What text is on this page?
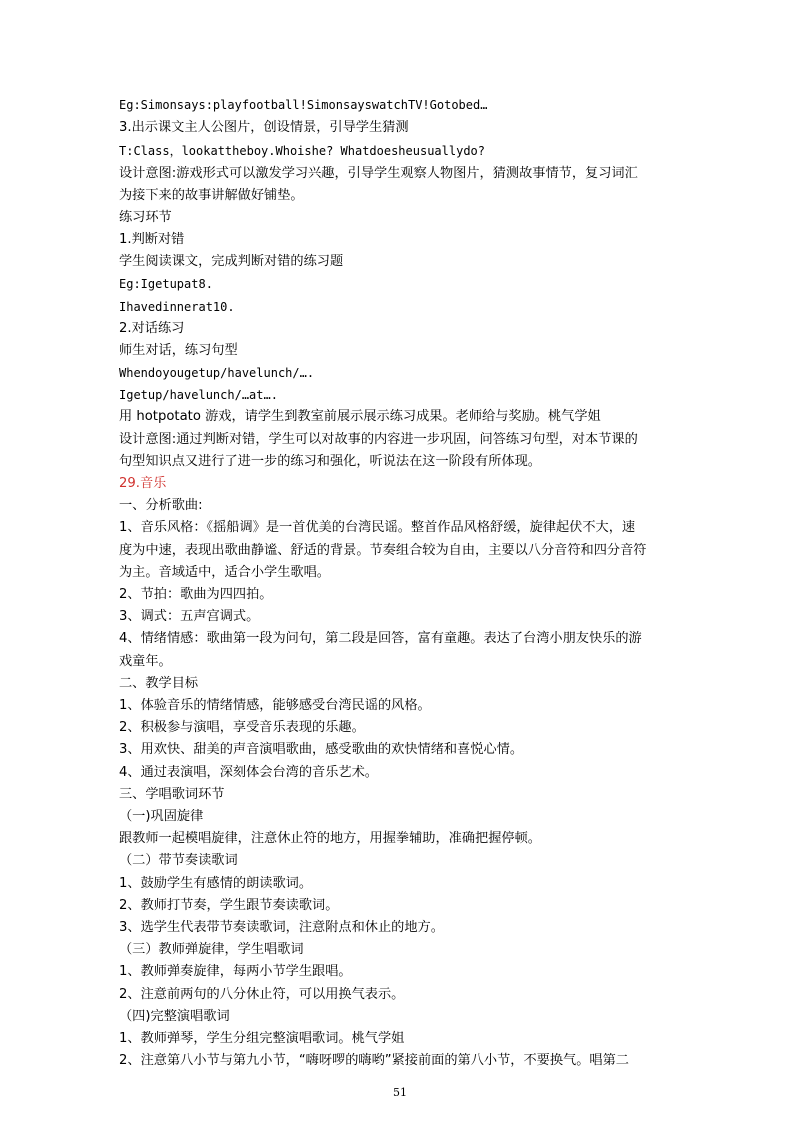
Eg:Simonsays:playfootball!SimonsayswatchTV!Gotobed…
3.出示课文主人公图片，创设情景，引导学生猜测
T:Class，lookattheboy.Whoishe? Whatdoesheusuallydo?
设计意图:游戏形式可以激发学习兴趣，引导学生观察人物图片，猜测故事情节，复习词汇
为接下来的故事讲解做好铺垫。
练习环节
1.判断对错
学生阅读课文，完成判断对错的练习题
Eg:Igetupat8.
Ihavedinnerat10.
2.对话练习
师生对话，练习句型
Whendoyougetup/havelunch/….
Igetup/havelunch/…at….
用 hotpotato 游戏，请学生到教室前展示展示练习成果。老师给与奖励。桃气学姐
设计意图:通过判断对错，学生可以对故事的内容进一步巩固，问答练习句型，对本节课的
句型知识点又进行了进一步的练习和强化，听说法在这一阶段有所体现。
29.音乐
一、分析歌曲:
1、音乐风格：《摇船调》是一首优美的台湾民谣。整首作品风格舒缓，旋律起伏不大，速
度为中速，表现出歌曲静谧、舒适的背景。节奏组合较为自由，主要以八分音符和四分音符
为主。音域适中，适合小学生歌唱。
2、节拍：歌曲为四四拍。
3、调式：五声宫调式。
4、情绪情感：歌曲第一段为问句，第二段是回答，富有童趣。表达了台湾小朋友快乐的游
戏童年。
二、教学目标
1、体验音乐的情绪情感，能够感受台湾民谣的风格。
2、积极参与演唱，享受音乐表现的乐趣。
3、用欢快、甜美的声音演唱歌曲，感受歌曲的欢快情绪和喜悦心情。
4、通过表演唱，深刻体会台湾的音乐艺术。
三、学唱歌词环节
（一)巩固旋律
跟教师一起模唱旋律，注意休止符的地方，用握拳辅助，准确把握停顿。
（二）带节奏读歌词
1、鼓励学生有感情的朗读歌词。
2、教师打节奏，学生跟节奏读歌词。
3、选学生代表带节奏读歌词，注意附点和休止的地方。
（三）教师弹旋律，学生唱歌词
1、教师弹奏旋律，每两小节学生跟唱。
2、注意前两句的八分休止符，可以用换气表示。
（四)完整演唱歌词
1、教师弹琴，学生分组完整演唱歌词。桃气学姐
2、注意第八小节与第九小节，“嗨呀啰的嗨哟”紧接前面的第八小节，不要换气。唱第二
51
